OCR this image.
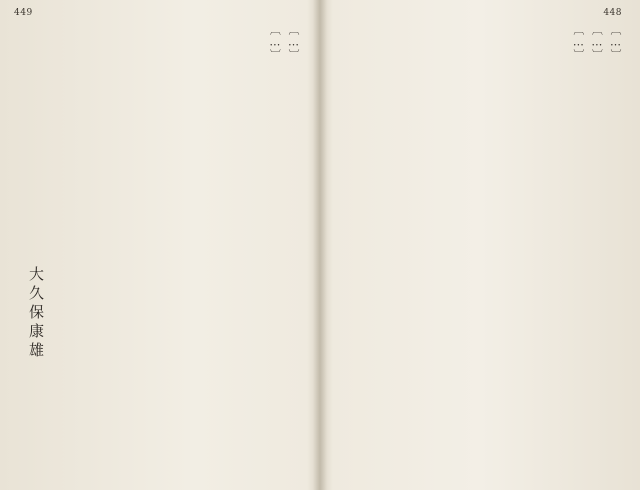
449

〔…〕

〔…〕

大久保康雄
448

〔…〕

〔…〕

〔…〕
